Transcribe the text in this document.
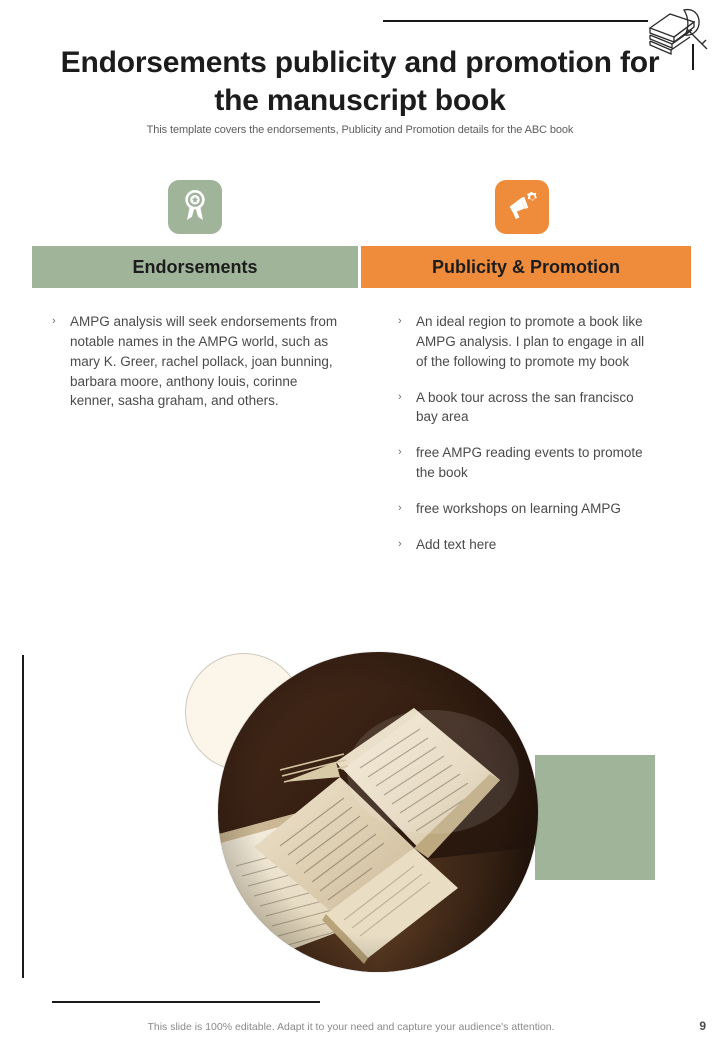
Endorsements publicity and promotion for the manuscript book
This template covers the endorsements, Publicity and Promotion details for the ABC book
Endorsements	Publicity & Promotion
›	AMPG analysis will seek endorsements from notable names in the AMPG world, such as mary K. Greer, rachel pollack, joan bunning, barbara moore, anthony louis, corinne kenner, sasha graham, and others.
›	An ideal region to promote a book like AMPG analysis. I plan to engage in all of the following to promote my book
›	A book tour across the san francisco bay area
›	free AMPG reading events to promote the book
›	free workshops on learning AMPG
›	Add text here
This slide is 100% editable. Adapt it to your need and capture your audience's attention.	9
